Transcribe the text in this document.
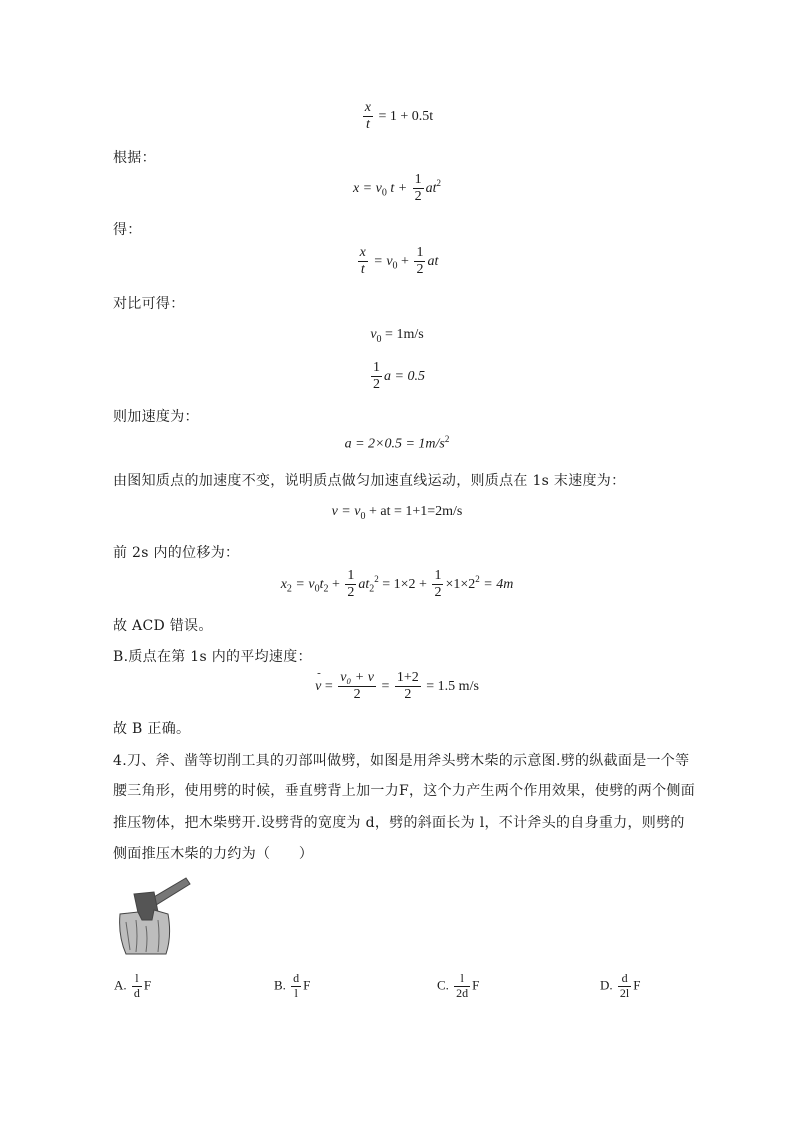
$\frac{x}{t} = 1 + 0.5t$
根据：
$x = v_0$ $t + \frac{1}{2} at^2$
得：
$\frac{x}{t} = v_0 + \frac{1}{2}$ at
对比可得：
$v_0 = 1m/s$
$\frac{1}{2}$ a = 0.5
则加速度为：
$a = 2\times 0.5 = 1m/s^2$
由图知质点的加速度不变，说明质点做匀加速直线运动，则质点在 1s 末速度为：
$v = v_0$ + at = 1+1=2m/s
前 2s 内的位移为：
$x_2 = v_0t_2 + \frac{1}{2} at_2^2 = 1\times 2 + \frac{1}{2} \times 1\times 2^2 = 4m$
故 ACD 错误。
B.质点在第 1s 内的平均速度：
- $v = \frac{\text{v₀ + v}}{2} = \frac{1+2}{2} = 1.5$ m/s
故 B 正确。
4.刀、斧、凿等切削工具的刃部叫做劈，如图是用斧头劈木柴的示意图.劈的纵截面是一个等
腰三角形，使用劈的时候，垂直劈背上加一力F，这个力产生两个作用效果，使劈的两个侧面
推压物体，把木柴劈开.设劈背的宽度为 d，劈的斜面长为 l，不计斧头的自身重力，则劈的
侧面推压木柴的力约为（　　）
A. $\frac{l}{d}$ F	B. $\frac{d}{l}$ F	C. $\frac{l}{2d}$ F	D. $\frac{d}{2l}$ F
